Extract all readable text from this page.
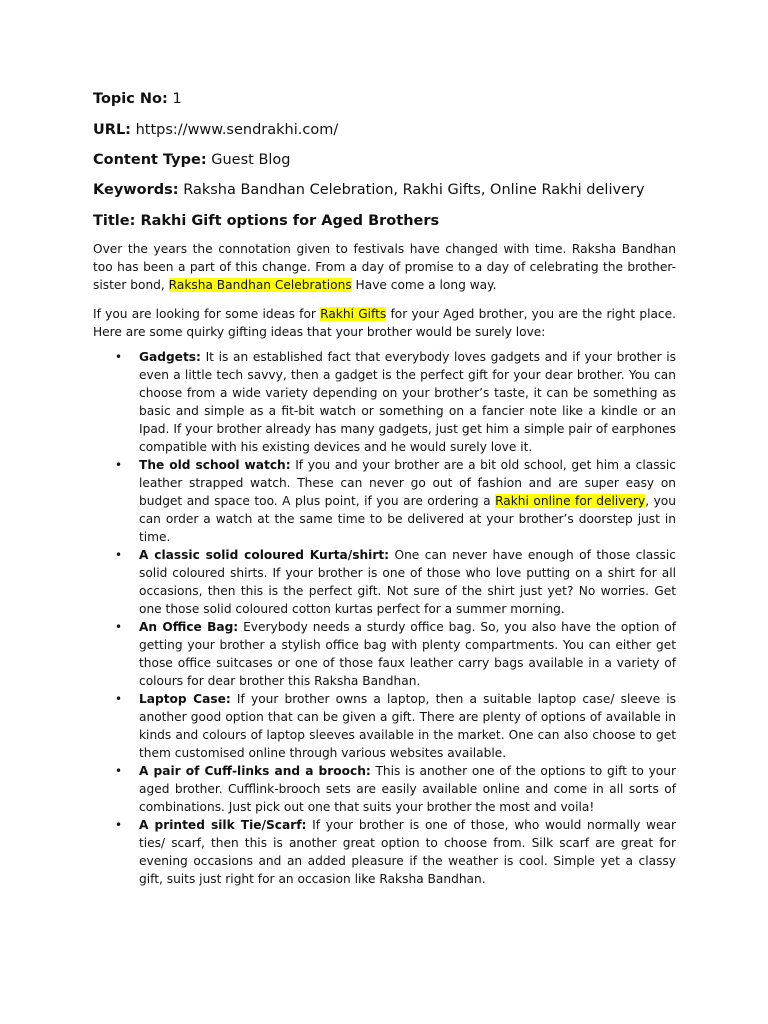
Topic No: 1
URL: https://www.sendrakhi.com/
Content Type: Guest Blog
Keywords: Raksha Bandhan Celebration, Rakhi Gifts, Online Rakhi delivery
Title: Rakhi Gift options for Aged Brothers

Over the years the connotation given to festivals have changed with time. Raksha Bandhan too has been a part of this change. From a day of promise to a day of celebrating the brother-sister bond, Raksha Bandhan Celebrations Have come a long way.

If you are looking for some ideas for Rakhi Gifts for your Aged brother, you are the right place. Here are some quirky gifting ideas that your brother would be surely love:

• Gadgets: It is an established fact that everybody loves gadgets and if your brother is even a little tech savvy, then a gadget is the perfect gift for your dear brother. You can choose from a wide variety depending on your brother’s taste, it can be something as basic and simple as a fit-bit watch or something on a fancier note like a kindle or an Ipad. If your brother already has many gadgets, just get him a simple pair of earphones compatible with his existing devices and he would surely love it.
• The old school watch: If you and your brother are a bit old school, get him a classic leather strapped watch. These can never go out of fashion and are super easy on budget and space too. A plus point, if you are ordering a Rakhi online for delivery, you can order a watch at the same time to be delivered at your brother’s doorstep just in time.
• A classic solid coloured Kurta/shirt: One can never have enough of those classic solid coloured shirts. If your brother is one of those who love putting on a shirt for all occasions, then this is the perfect gift. Not sure of the shirt just yet? No worries. Get one those solid coloured cotton kurtas perfect for a summer morning.
• An Office Bag: Everybody needs a sturdy office bag. So, you also have the option of getting your brother a stylish office bag with plenty compartments. You can either get those office suitcases or one of those faux leather carry bags available in a variety of colours for dear brother this Raksha Bandhan.
• Laptop Case: If your brother owns a laptop, then a suitable laptop case/ sleeve is another good option that can be given a gift. There are plenty of options of available in kinds and colours of laptop sleeves available in the market. One can also choose to get them customised online through various websites available.
• A pair of Cuff-links and a brooch: This is another one of the options to gift to your aged brother. Cufflink-brooch sets are easily available online and come in all sorts of combinations. Just pick out one that suits your brother the most and voila!
• A printed silk Tie/Scarf: If your brother is one of those, who would normally wear ties/ scarf, then this is another great option to choose from. Silk scarf are great for evening occasions and an added pleasure if the weather is cool. Simple yet a classy gift, suits just right for an occasion like Raksha Bandhan.
